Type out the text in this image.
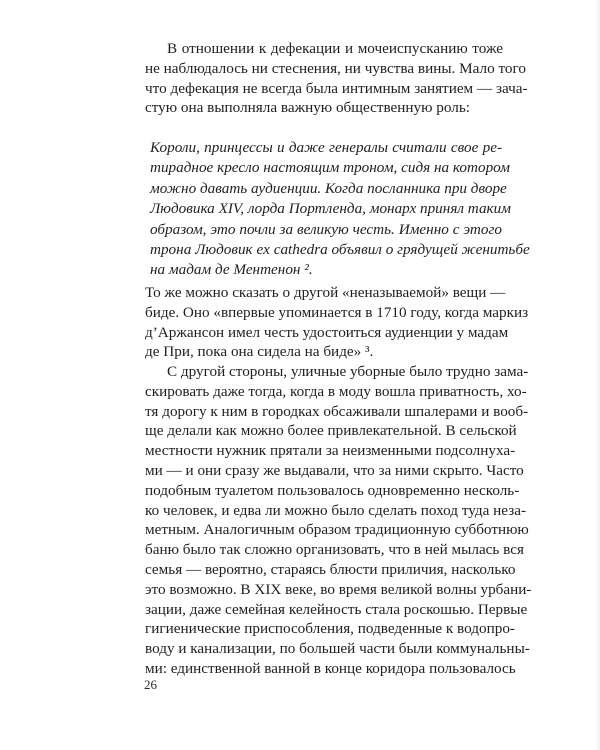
В отношении к дефекации и мочеиспусканию тоже
не наблюдалось ни стеснения, ни чувства вины. Мало того
что дефекация не всегда была интимным занятием — зача-
стую она выполняла важную общественную роль:
Короли, принцессы и даже генералы считали свое ре-
тирадное кресло настоящим троном, сидя на котором
можно давать аудиенции. Когда посланника при дворе
Людовика XIV, лорда Портленда, монарх принял таким
образом, это почли за великую честь. Именно с этого
трона Людовик ex cathedra объявил о грядущей женитьбе
на мадам де Ментенон ².
То же можно сказать о другой «неназываемой» вещи —
биде. Оно «впервые упоминается в 1710 году, когда маркиз
д’Аржансон имел честь удостоиться аудиенции у мадам
де При, пока она сидела на биде» ³.
С другой стороны, уличные уборные было трудно зама-
скировать даже тогда, когда в моду вошла приватность, хо-
тя дорогу к ним в городках обсаживали шпалерами и вооб-
ще делали как можно более привлекательной. В сельской
местности нужник прятали за неизменными подсолнуха-
ми — и они сразу же выдавали, что за ними скрыто. Часто
подобным туалетом пользовалось одновременно несколь-
ко человек, и едва ли можно было сделать поход туда неза-
метным. Аналогичным образом традиционную субботнюю
баню было так сложно организовать, что в ней мылась вся
семья — вероятно, стараясь блюсти приличия, насколько
это возможно. В XIX веке, во время великой волны урбани-
зации, даже семейная келейность стала роскошью. Первые
гигиенические приспособления, подведенные к водопро-
воду и канализации, по большей части были коммунальны-
ми: единственной ванной в конце коридора пользовалось
26
